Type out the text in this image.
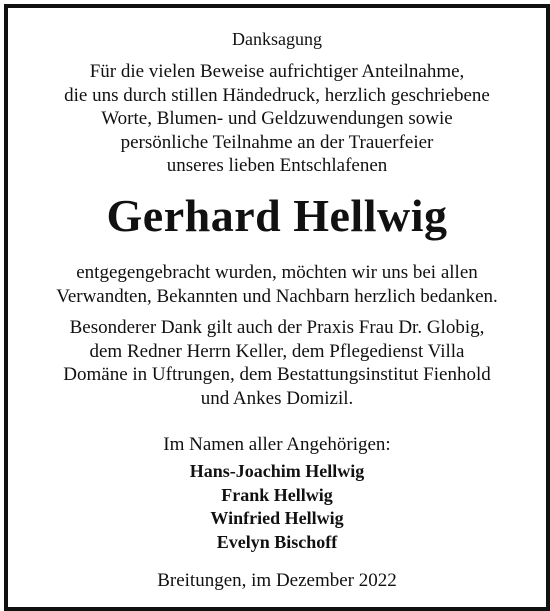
Danksagung
Für die vielen Beweise aufrichtiger Anteilnahme,
die uns durch stillen Händedruck, herzlich geschriebene
Worte, Blumen- und Geldzuwendungen sowie
persönliche Teilnahme an der Trauerfeier
unseres lieben Entschlafenen
Gerhard Hellwig
entgegengebracht wurden, möchten wir uns bei allen
Verwandten, Bekannten und Nachbarn herzlich bedanken.
Besonderer Dank gilt auch der Praxis Frau Dr. Globig,
dem Redner Herrn Keller, dem Pflegedienst Villa
Domäne in Uftrungen, dem Bestattungsinstitut Fienhold
und Ankes Domizil.
Im Namen aller Angehörigen:
Hans-Joachim Hellwig
Frank Hellwig
Winfried Hellwig
Evelyn Bischoff
Breitungen, im Dezember 2022
